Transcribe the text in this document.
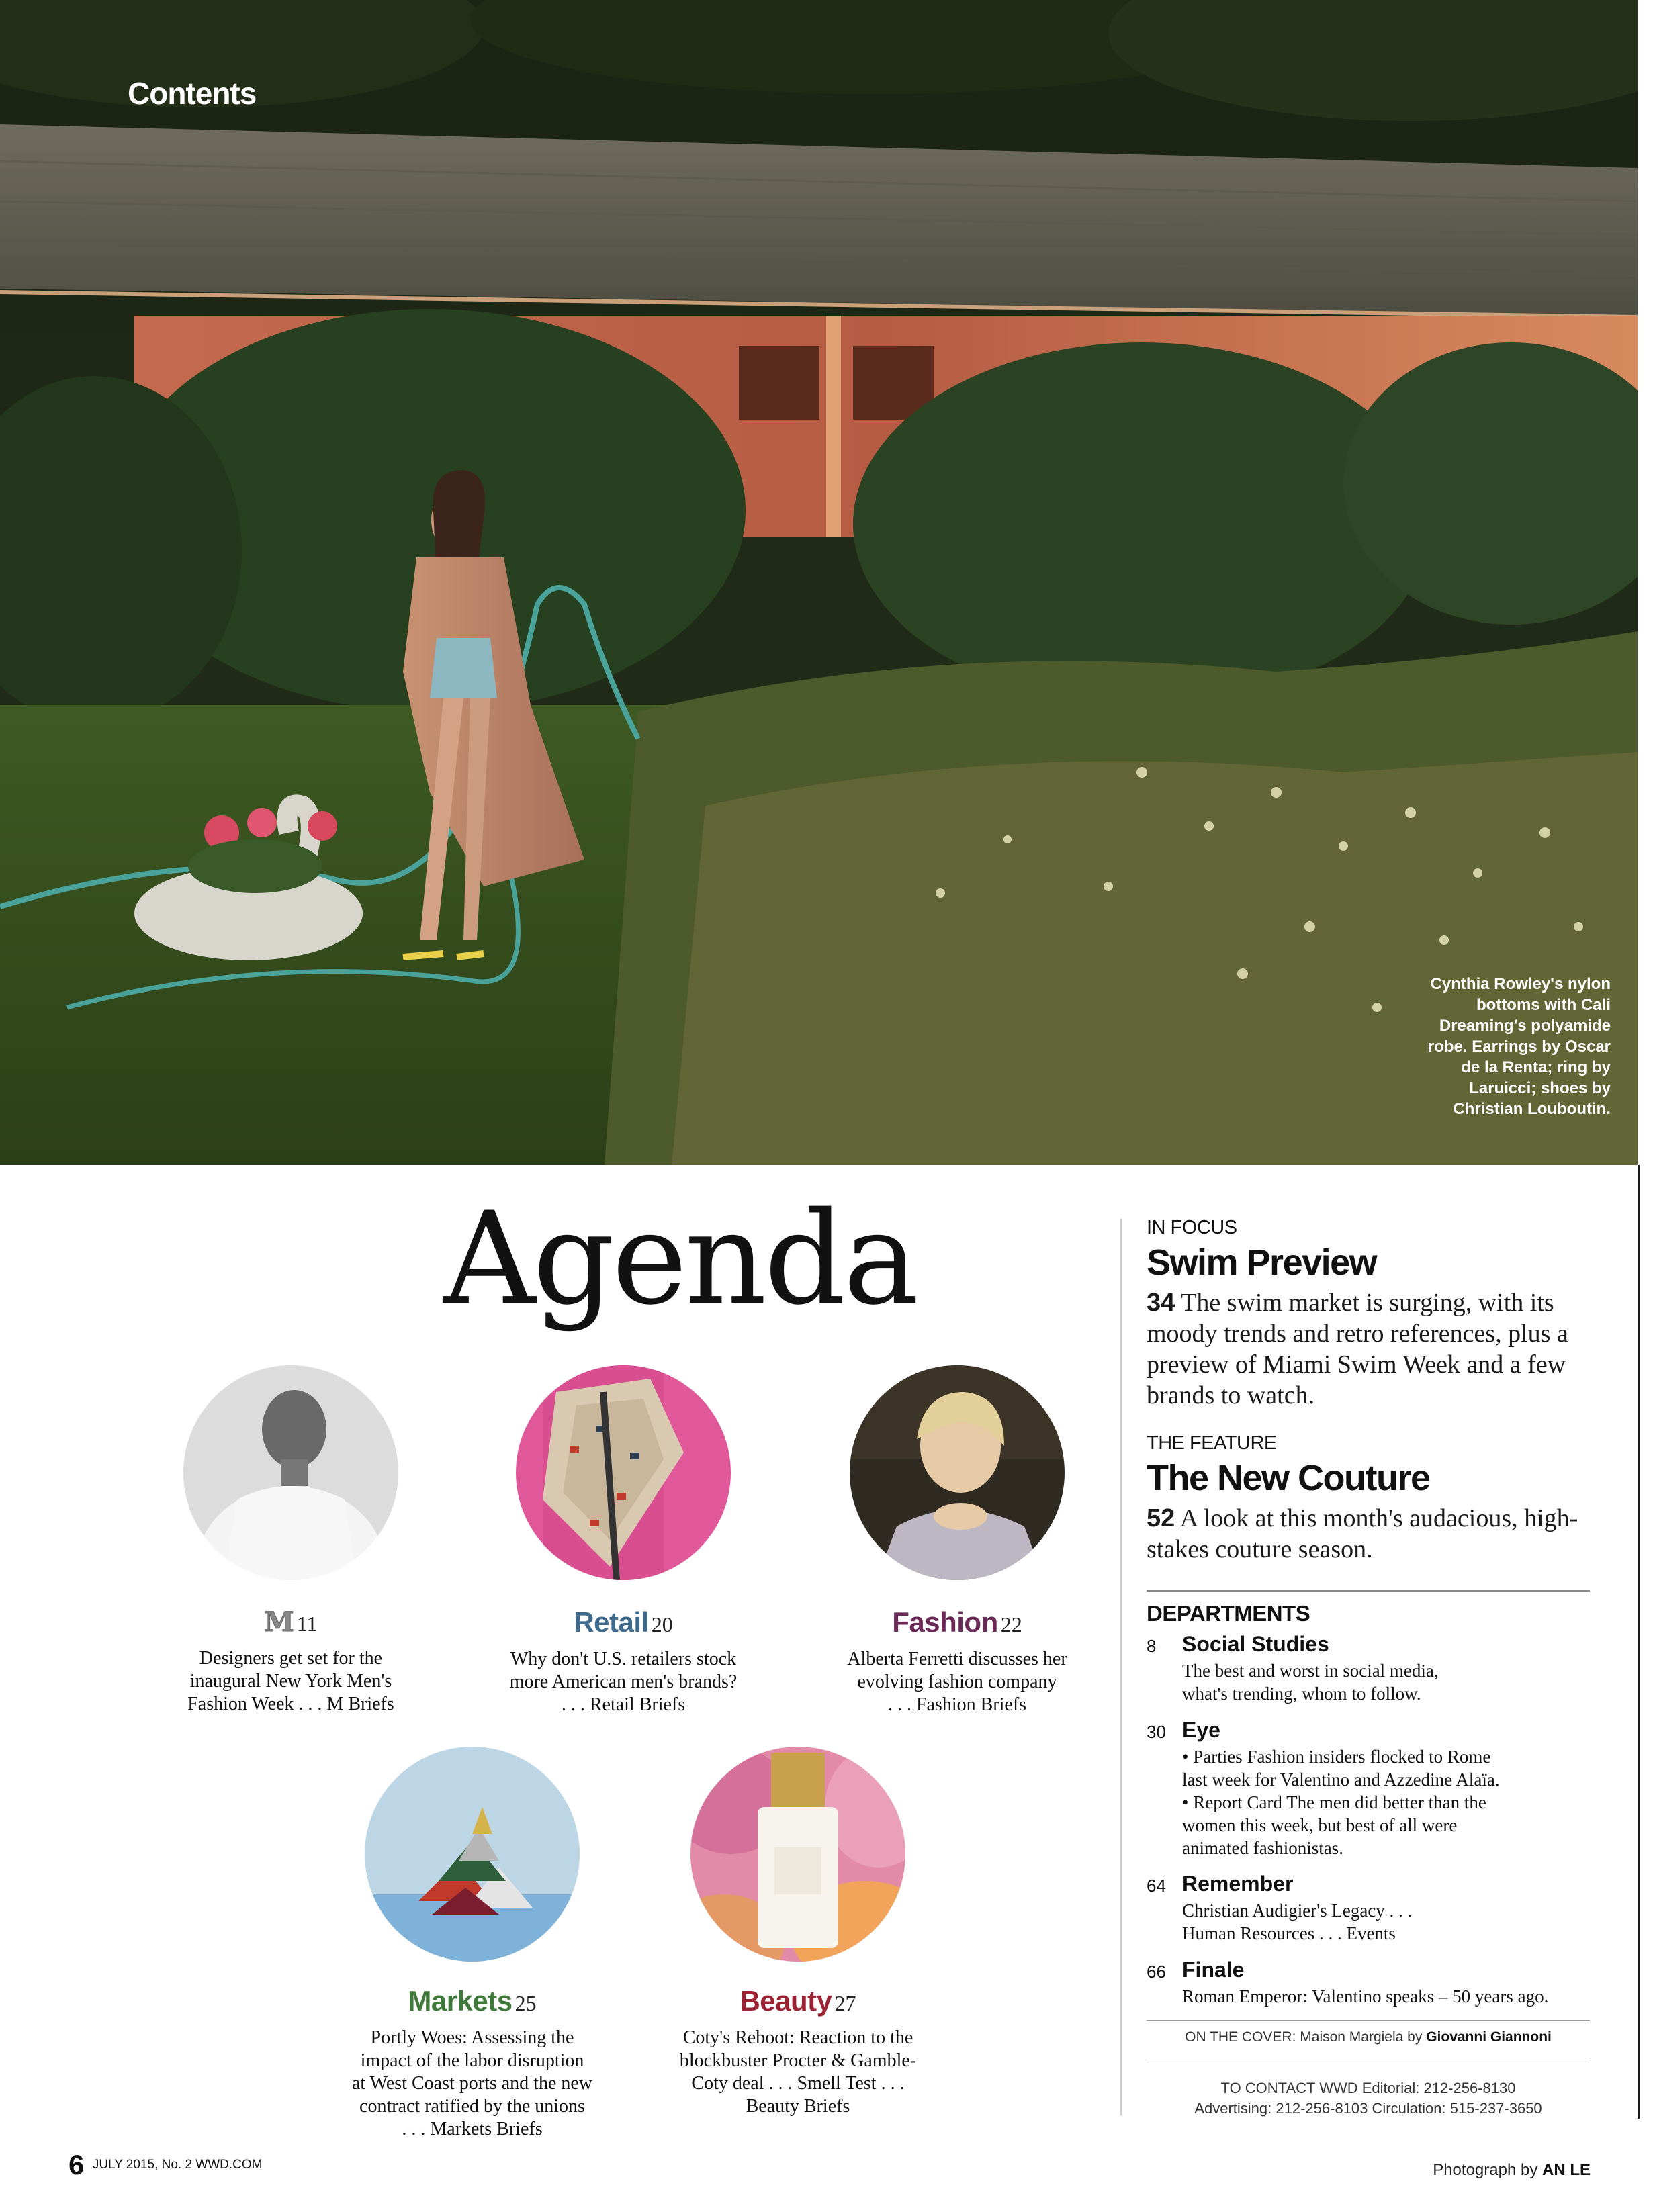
Contents
Cynthia Rowley's nylon bottoms with Cali Dreaming's polyamide robe. Earrings by Oscar de la Renta; ring by Laruicci; shoes by Christian Louboutin.
Agenda
M 11
Designers get set for the
inaugural New York Men's
Fashion Week . . . M Briefs
Retail 20
Why don't U.S. retailers stock
more American men's brands?
. . . Retail Briefs
Fashion 22
Alberta Ferretti discusses her
evolving fashion company
. . . Fashion Briefs
Markets 25
Portly Woes: Assessing the
impact of the labor disruption
at West Coast ports and the new
contract ratified by the unions
. . . Markets Briefs
Beauty 27
Coty's Reboot: Reaction to the
blockbuster Procter & Gamble-
Coty deal . . . Smell Test . . .
Beauty Briefs
IN FOCUS
Swim Preview
34 The swim market is surging, with its moody trends and retro references, plus a preview of Miami Swim Week and a few brands to watch.
THE FEATURE
The New Couture
52 A look at this month's audacious, high-stakes couture season.
DEPARTMENTS
8 Social Studies
The best and worst in social media,
what's trending, whom to follow.
30 Eye
• Parties Fashion insiders flocked to Rome
last week for Valentino and Azzedine Alaïa.
• Report Card The men did better than the
women this week, but best of all were
animated fashionistas.
64 Remember
Christian Audigier's Legacy . . .
Human Resources . . . Events
66 Finale
Roman Emperor: Valentino speaks – 50 years ago.
ON THE COVER: Maison Margiela by Giovanni Giannoni
TO CONTACT WWD Editorial: 212-256-8130
Advertising: 212-256-8103 Circulation: 515-237-3650
6 JULY 2015, No. 2 WWD.COM	Photograph by AN LE
